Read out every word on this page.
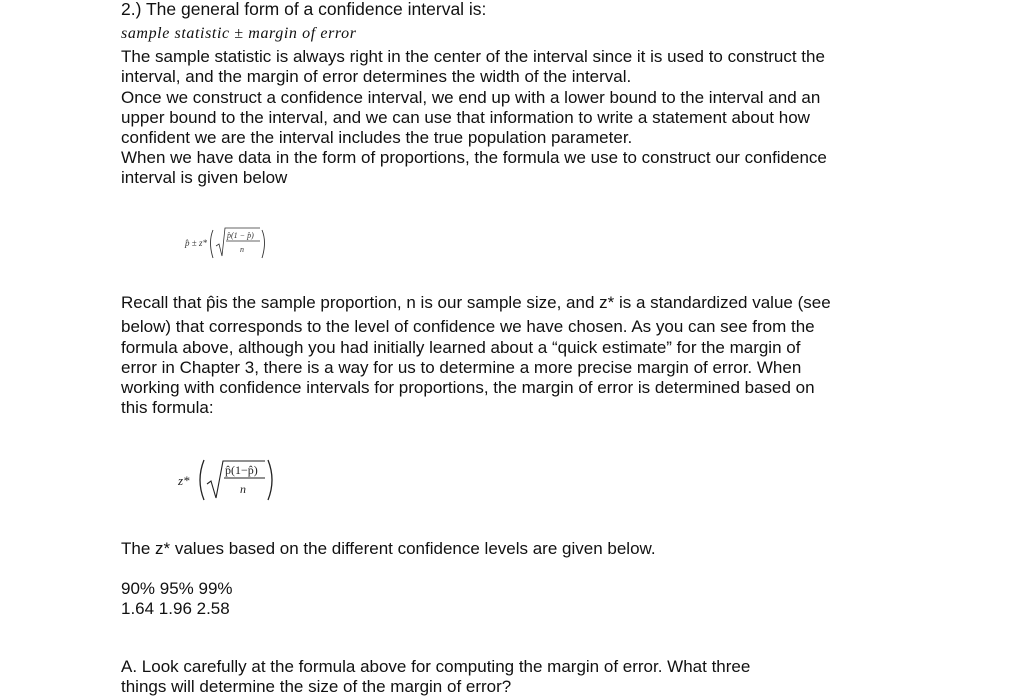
2.) The general form of a confidence interval is:

sample statistic ± margin of error

The sample statistic is always right in the center of the interval since it is used to construct the

interval, and the margin of error determines the width of the interval.

Once we construct a confidence interval, we end up with a lower bound to the interval and an

upper bound to the interval, and we can use that information to write a statement about how

confident we are the interval includes the true population parameter.

When we have data in the form of proportions, the formula we use to construct our confidence

interval is given below

p̂ ± z*
p̂(1 − p̂)
n

Recall that p̂is the sample proportion, n is our sample size, and z* is a standardized value (see

below) that corresponds to the level of confidence we have chosen. As you can see from the

formula above, although you had initially learned about a “quick estimate” for the margin of

error in Chapter 3, there is a way for us to determine a more precise margin of error. When

working with confidence intervals for proportions, the margin of error is determined based on

this formula:

z*
p̂(1−p̂)
n

The z* values based on the different confidence levels are given below.

90% 95% 99%

1.64 1.96 2.58

A. Look carefully at the formula above for computing the margin of error. What three

things will determine the size of the margin of error?
